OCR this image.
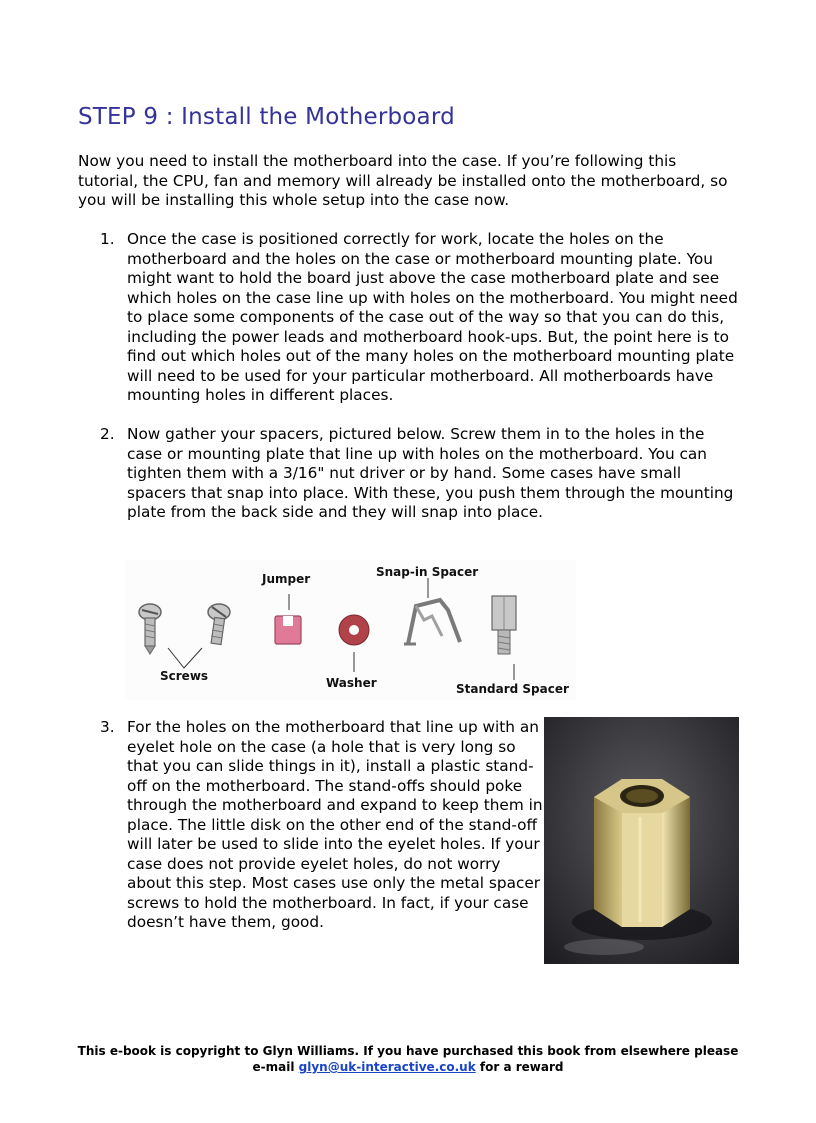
STEP 9 : Install the Motherboard

Now you need to install the motherboard into the case. If you’re following this tutorial, the CPU, fan and memory will already be installed onto the motherboard, so you will be installing this whole setup into the case now.

1. Once the case is positioned correctly for work, locate the holes on the motherboard and the holes on the case or motherboard mounting plate. You might want to hold the board just above the case motherboard plate and see which holes on the case line up with holes on the motherboard. You might need to place some components of the case out of the way so that you can do this, including the power leads and motherboard hook-ups. But, the point here is to find out which holes out of the many holes on the motherboard mounting plate will need to be used for your particular motherboard. All motherboards have mounting holes in different places.
2. Now gather your spacers, pictured below. Screw them in to the holes in the case or mounting plate that line up with holes on the motherboard. You can tighten them with a 3/16" nut driver or by hand. Some cases have small spacers that snap into place. With these, you push them through the mounting plate from the back side and they will snap into place.
3. For the holes on the motherboard that line up with an eyelet hole on the case (a hole that is very long so that you can slide things in it), install a plastic stand-off on the motherboard. The stand-offs should poke through the motherboard and expand to keep them in place. The little disk on the other end of the stand-off will later be used to slide into the eyelet holes. If your case does not provide eyelet holes, do not worry about this step. Most cases use only the metal spacer screws to hold the motherboard. In fact, if your case doesn’t have them, good.
Jumper	Snap-in Spacer
Screws	Washer	Standard Spacer

This e-book is copyright to Glyn Williams. If you have purchased this book from elsewhere please e-mail glyn@uk-interactive.co.uk for a reward
